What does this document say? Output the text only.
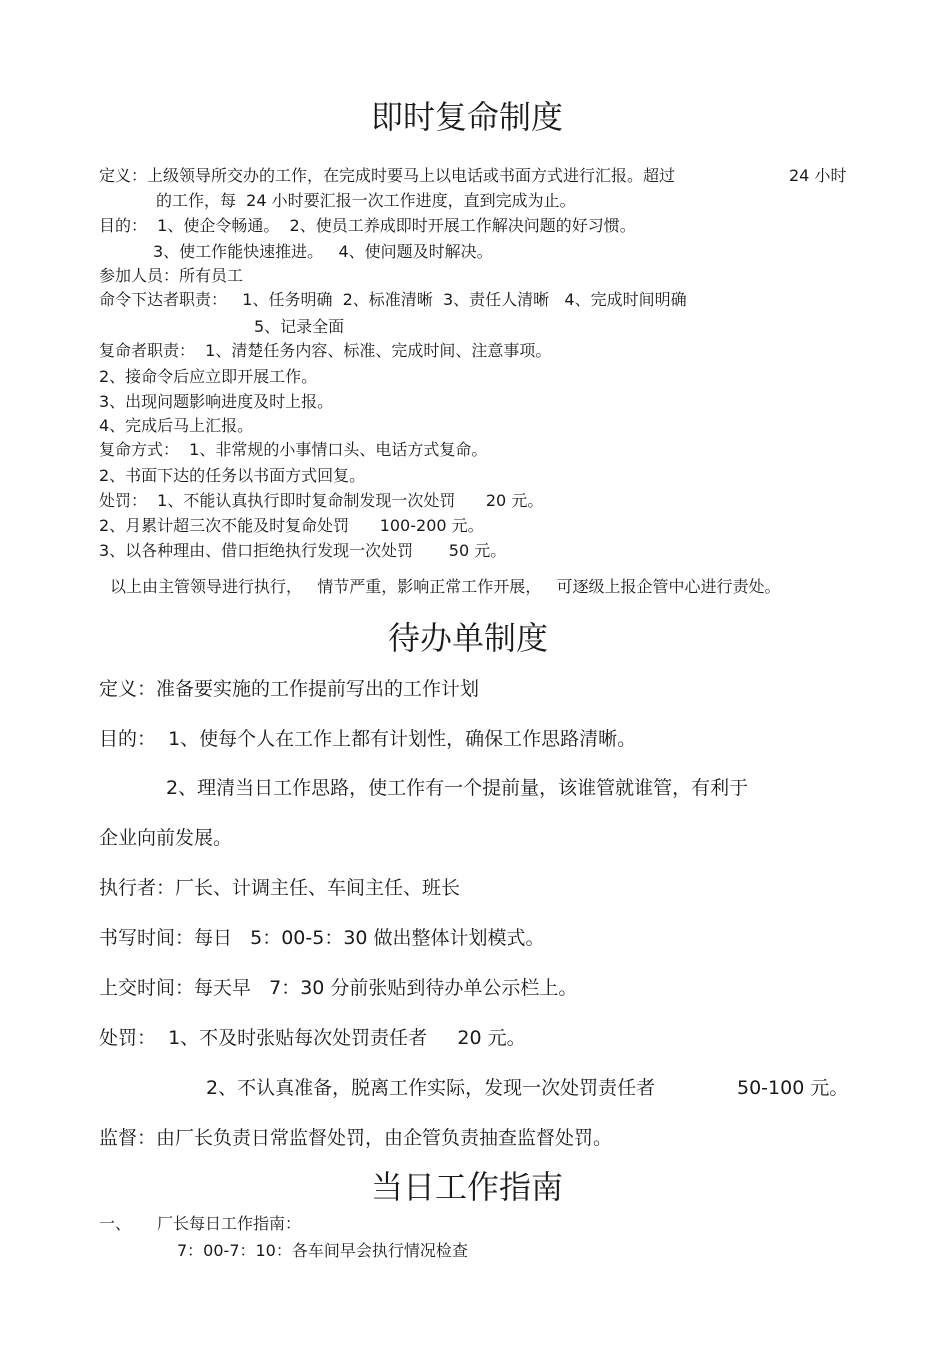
即时复命制度
定义：上级领导所交办的工作，在完成时要马上以电话或书面方式进行汇报。超过	24 小时
的工作，每  24 小时要汇报一次工作进度，直到完成为止。
目的：  1、使企令畅通。  2、使员工养成即时开展工作解决问题的好习惯。
3、使工作能快速推进。   4、使问题及时解决。
参加人员：所有员工
命令下达者职责：   1、任务明确  2、标准清晰  3、责任人清晰   4、完成时间明确
5、记录全面
复命者职责：  1、清楚任务内容、标准、完成时间、注意事项。
2、接命令后应立即开展工作。
3、出现问题影响进度及时上报。
4、完成后马上汇报。
复命方式：  1、非常规的小事情口头、电话方式复命。
2、书面下达的任务以书面方式回复。
处罚：  1、不能认真执行即时复命制发现一次处罚      20 元。
2、月累计超三次不能及时复命处罚      100-200 元。
3、以各种理由、借口拒绝执行发现一次处罚       50 元。
以上由主管领导进行执行，   情节严重，影响正常工作开展，   可逐级上报企管中心进行责处。
待办单制度
定义：准备要实施的工作提前写出的工作计划
目的：  1、使每个人在工作上都有计划性，确保工作思路清晰。
2、理清当日工作思路，使工作有一个提前量，该谁管就谁管，有利于
企业向前发展。
执行者：厂长、计调主任、车间主任、班长
书写时间：每日   5：00-5：30 做出整体计划模式。
上交时间：每天早   7：30 分前张贴到待办单公示栏上。
处罚：  1、不及时张贴每次处罚责任者     20 元。
2、不认真准备，脱离工作实际，发现一次处罚责任者	50-100 元。
监督：由厂长负责日常监督处罚，由企管负责抽查监督处罚。
当日工作指南
一、 厂长每日工作指南：
7：00-7：10：各车间早会执行情况检查
